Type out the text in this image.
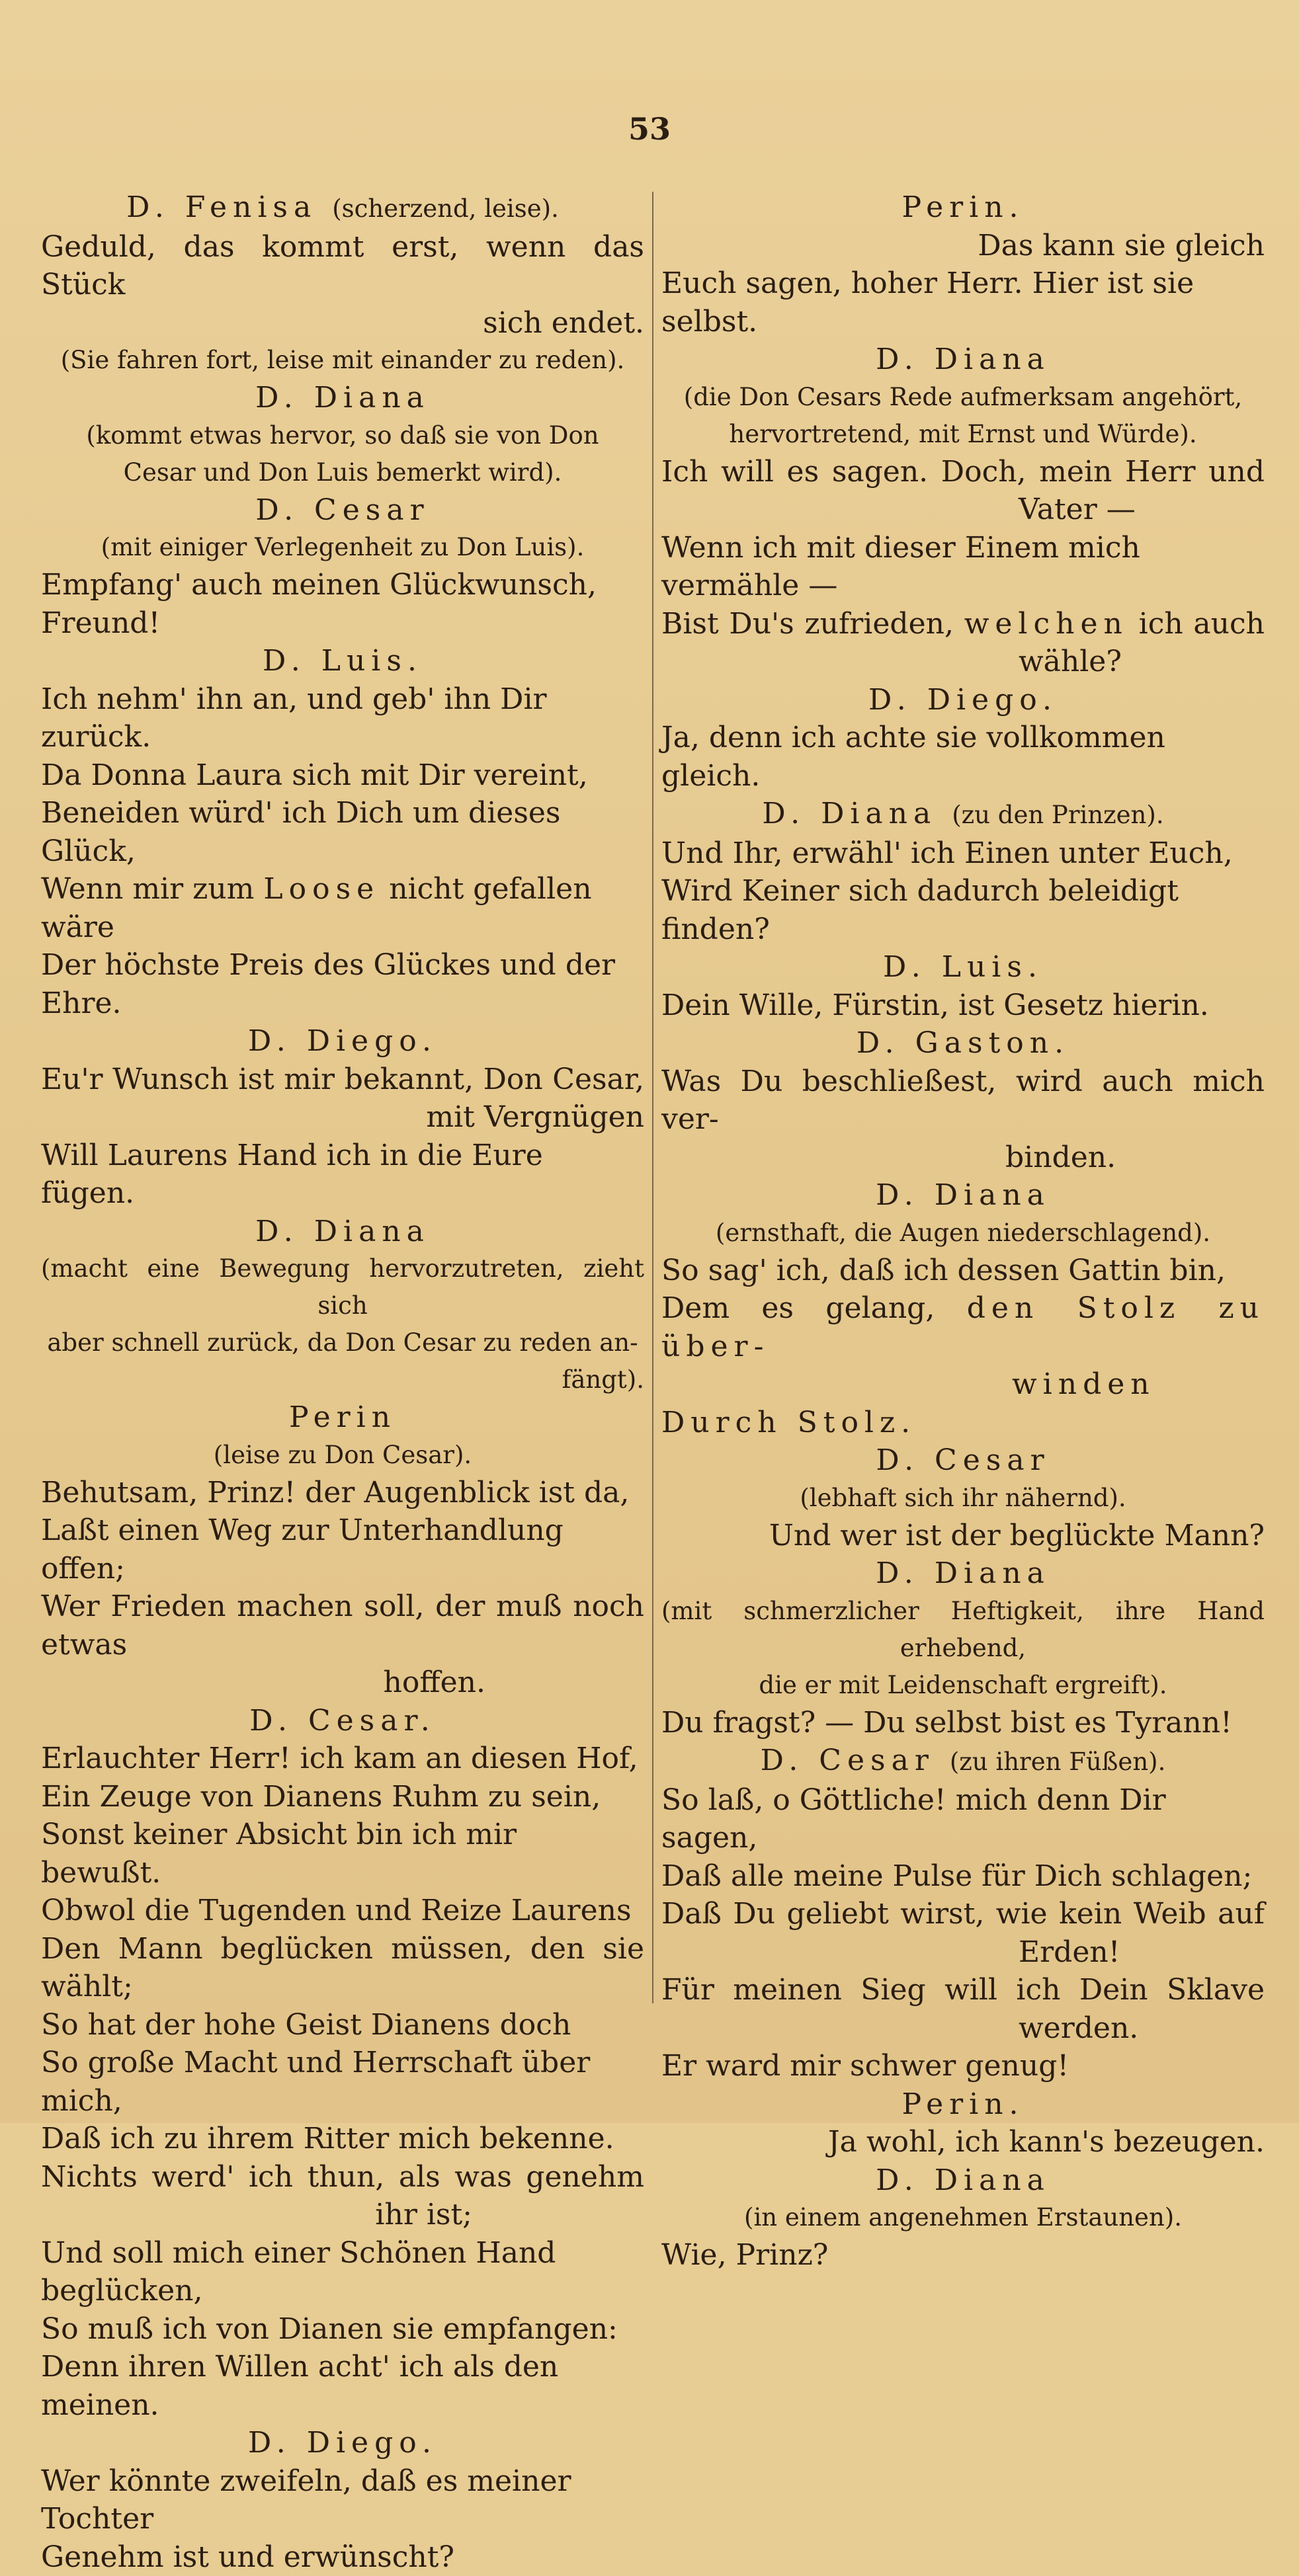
53
D. Fenisa (scherzend, leise).
Geduld, das kommt erst, wenn das Stück
sich endet.
(Sie fahren fort, leise mit einander zu reden).
D. Diana
(kommt etwas hervor, so daß sie von Don
Cesar und Don Luis bemerkt wird).
D. Cesar
(mit einiger Verlegenheit zu Don Luis).
Empfang' auch meinen Glückwunsch, Freund!
D. Luis.
Ich nehm' ihn an, und geb' ihn Dir zurück.
Da Donna Laura sich mit Dir vereint,
Beneiden würd' ich Dich um dieses Glück,
Wenn mir zum Loose nicht gefallen wäre
Der höchste Preis des Glückes und der Ehre.
D. Diego.
Eu'r Wunsch ist mir bekannt, Don Cesar,
mit Vergnügen
Will Laurens Hand ich in die Eure fügen.
D. Diana
(macht eine Bewegung hervorzutreten, zieht sich
aber schnell zurück, da Don Cesar zu reden an-
fängt).
Perin
(leise zu Don Cesar).
Behutsam, Prinz! der Augenblick ist da,
Laßt einen Weg zur Unterhandlung offen;
Wer Frieden machen soll, der muß noch etwas
hoffen.
D. Cesar.
Erlauchter Herr! ich kam an diesen Hof,
Ein Zeuge von Dianens Ruhm zu sein,
Sonst keiner Absicht bin ich mir bewußt.
Obwol die Tugenden und Reize Laurens
Den Mann beglücken müssen, den sie wählt;
So hat der hohe Geist Dianens doch
So große Macht und Herrschaft über mich,
Daß ich zu ihrem Ritter mich bekenne.
Nichts werd' ich thun, als was genehm
ihr ist;
Und soll mich einer Schönen Hand beglücken,
So muß ich von Dianen sie empfangen:
Denn ihren Willen acht' ich als den meinen.
D. Diego.
Wer könnte zweifeln, daß es meiner Tochter
Genehm ist und erwünscht?
Perin.
Das kann sie gleich
Euch sagen, hoher Herr. Hier ist sie selbst.
D. Diana
(die Don Cesars Rede aufmerksam angehört,
hervortretend, mit Ernst und Würde).
Ich will es sagen. Doch, mein Herr und
Vater —
Wenn ich mit dieser Einem mich vermähle —
Bist Du's zufrieden, welchen ich auch
wähle?
D. Diego.
Ja, denn ich achte sie vollkommen gleich.
D. Diana (zu den Prinzen).
Und Ihr, erwähl' ich Einen unter Euch,
Wird Keiner sich dadurch beleidigt finden?
D. Luis.
Dein Wille, Fürstin, ist Gesetz hierin.
D. Gaston.
Was Du beschließest, wird auch mich ver-
binden.
D. Diana
(ernsthaft, die Augen niederschlagend).
So sag' ich, daß ich dessen Gattin bin,
Dem es gelang, den Stolz zu über-
winden
Durch Stolz.
D. Cesar
(lebhaft sich ihr nähernd).
Und wer ist der beglückte Mann?
D. Diana
(mit schmerzlicher Heftigkeit, ihre Hand erhebend,
die er mit Leidenschaft ergreift).
Du fragst? — Du selbst bist es Tyrann!
D. Cesar (zu ihren Füßen).
So laß, o Göttliche! mich denn Dir sagen,
Daß alle meine Pulse für Dich schlagen;
Daß Du geliebt wirst, wie kein Weib auf
Erden!
Für meinen Sieg will ich Dein Sklave
werden.
Er ward mir schwer genug!
Perin.
Ja wohl, ich kann's bezeugen.
D. Diana
(in einem angenehmen Erstaunen).
Wie, Prinz?
